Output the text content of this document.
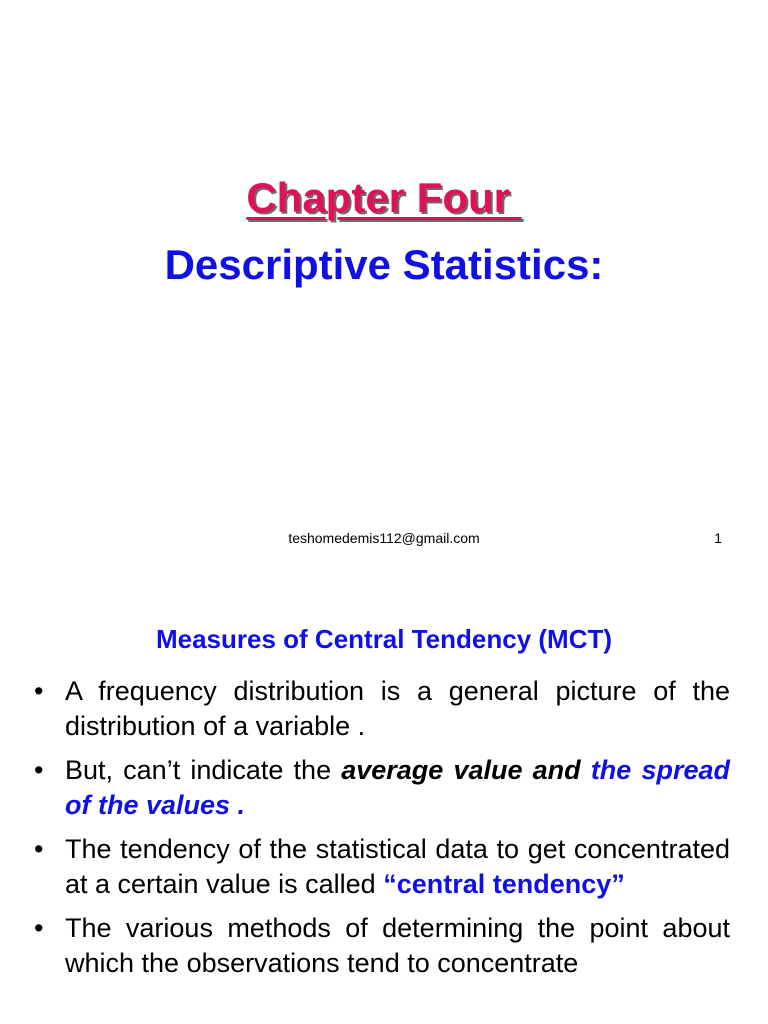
Chapter Four
Descriptive Statistics:
teshomedemis112@gmail.com	1
Measures of Central Tendency (MCT)
• A frequency distribution is a general picture of the distribution of a variable .
• But, can’t indicate the average value and the spread of the values .
• The tendency of the statistical data to get concentrated at a certain value is called “central tendency”
• The various methods of determining the point about which the observations tend to concentrate
